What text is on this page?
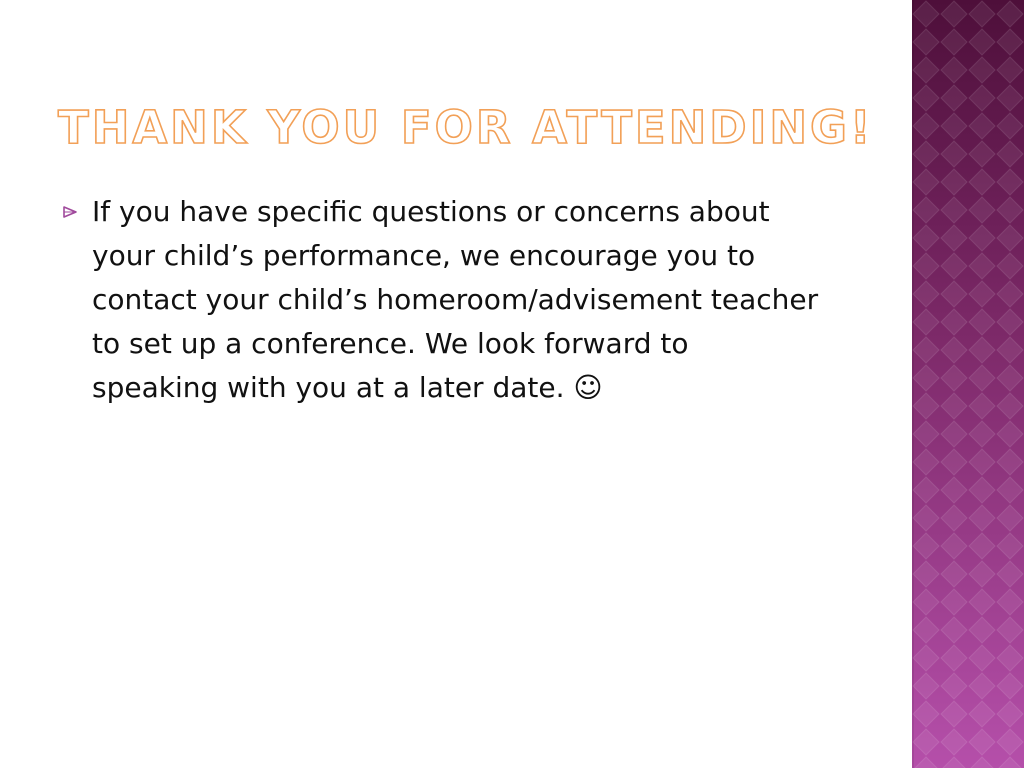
THANK YOU FOR ATTENDING!

If you have specific questions or concerns about your child’s performance, we encourage you to contact your child’s homeroom/advisement teacher to set up a conference. We look forward to speaking with you at a later date. ☺
